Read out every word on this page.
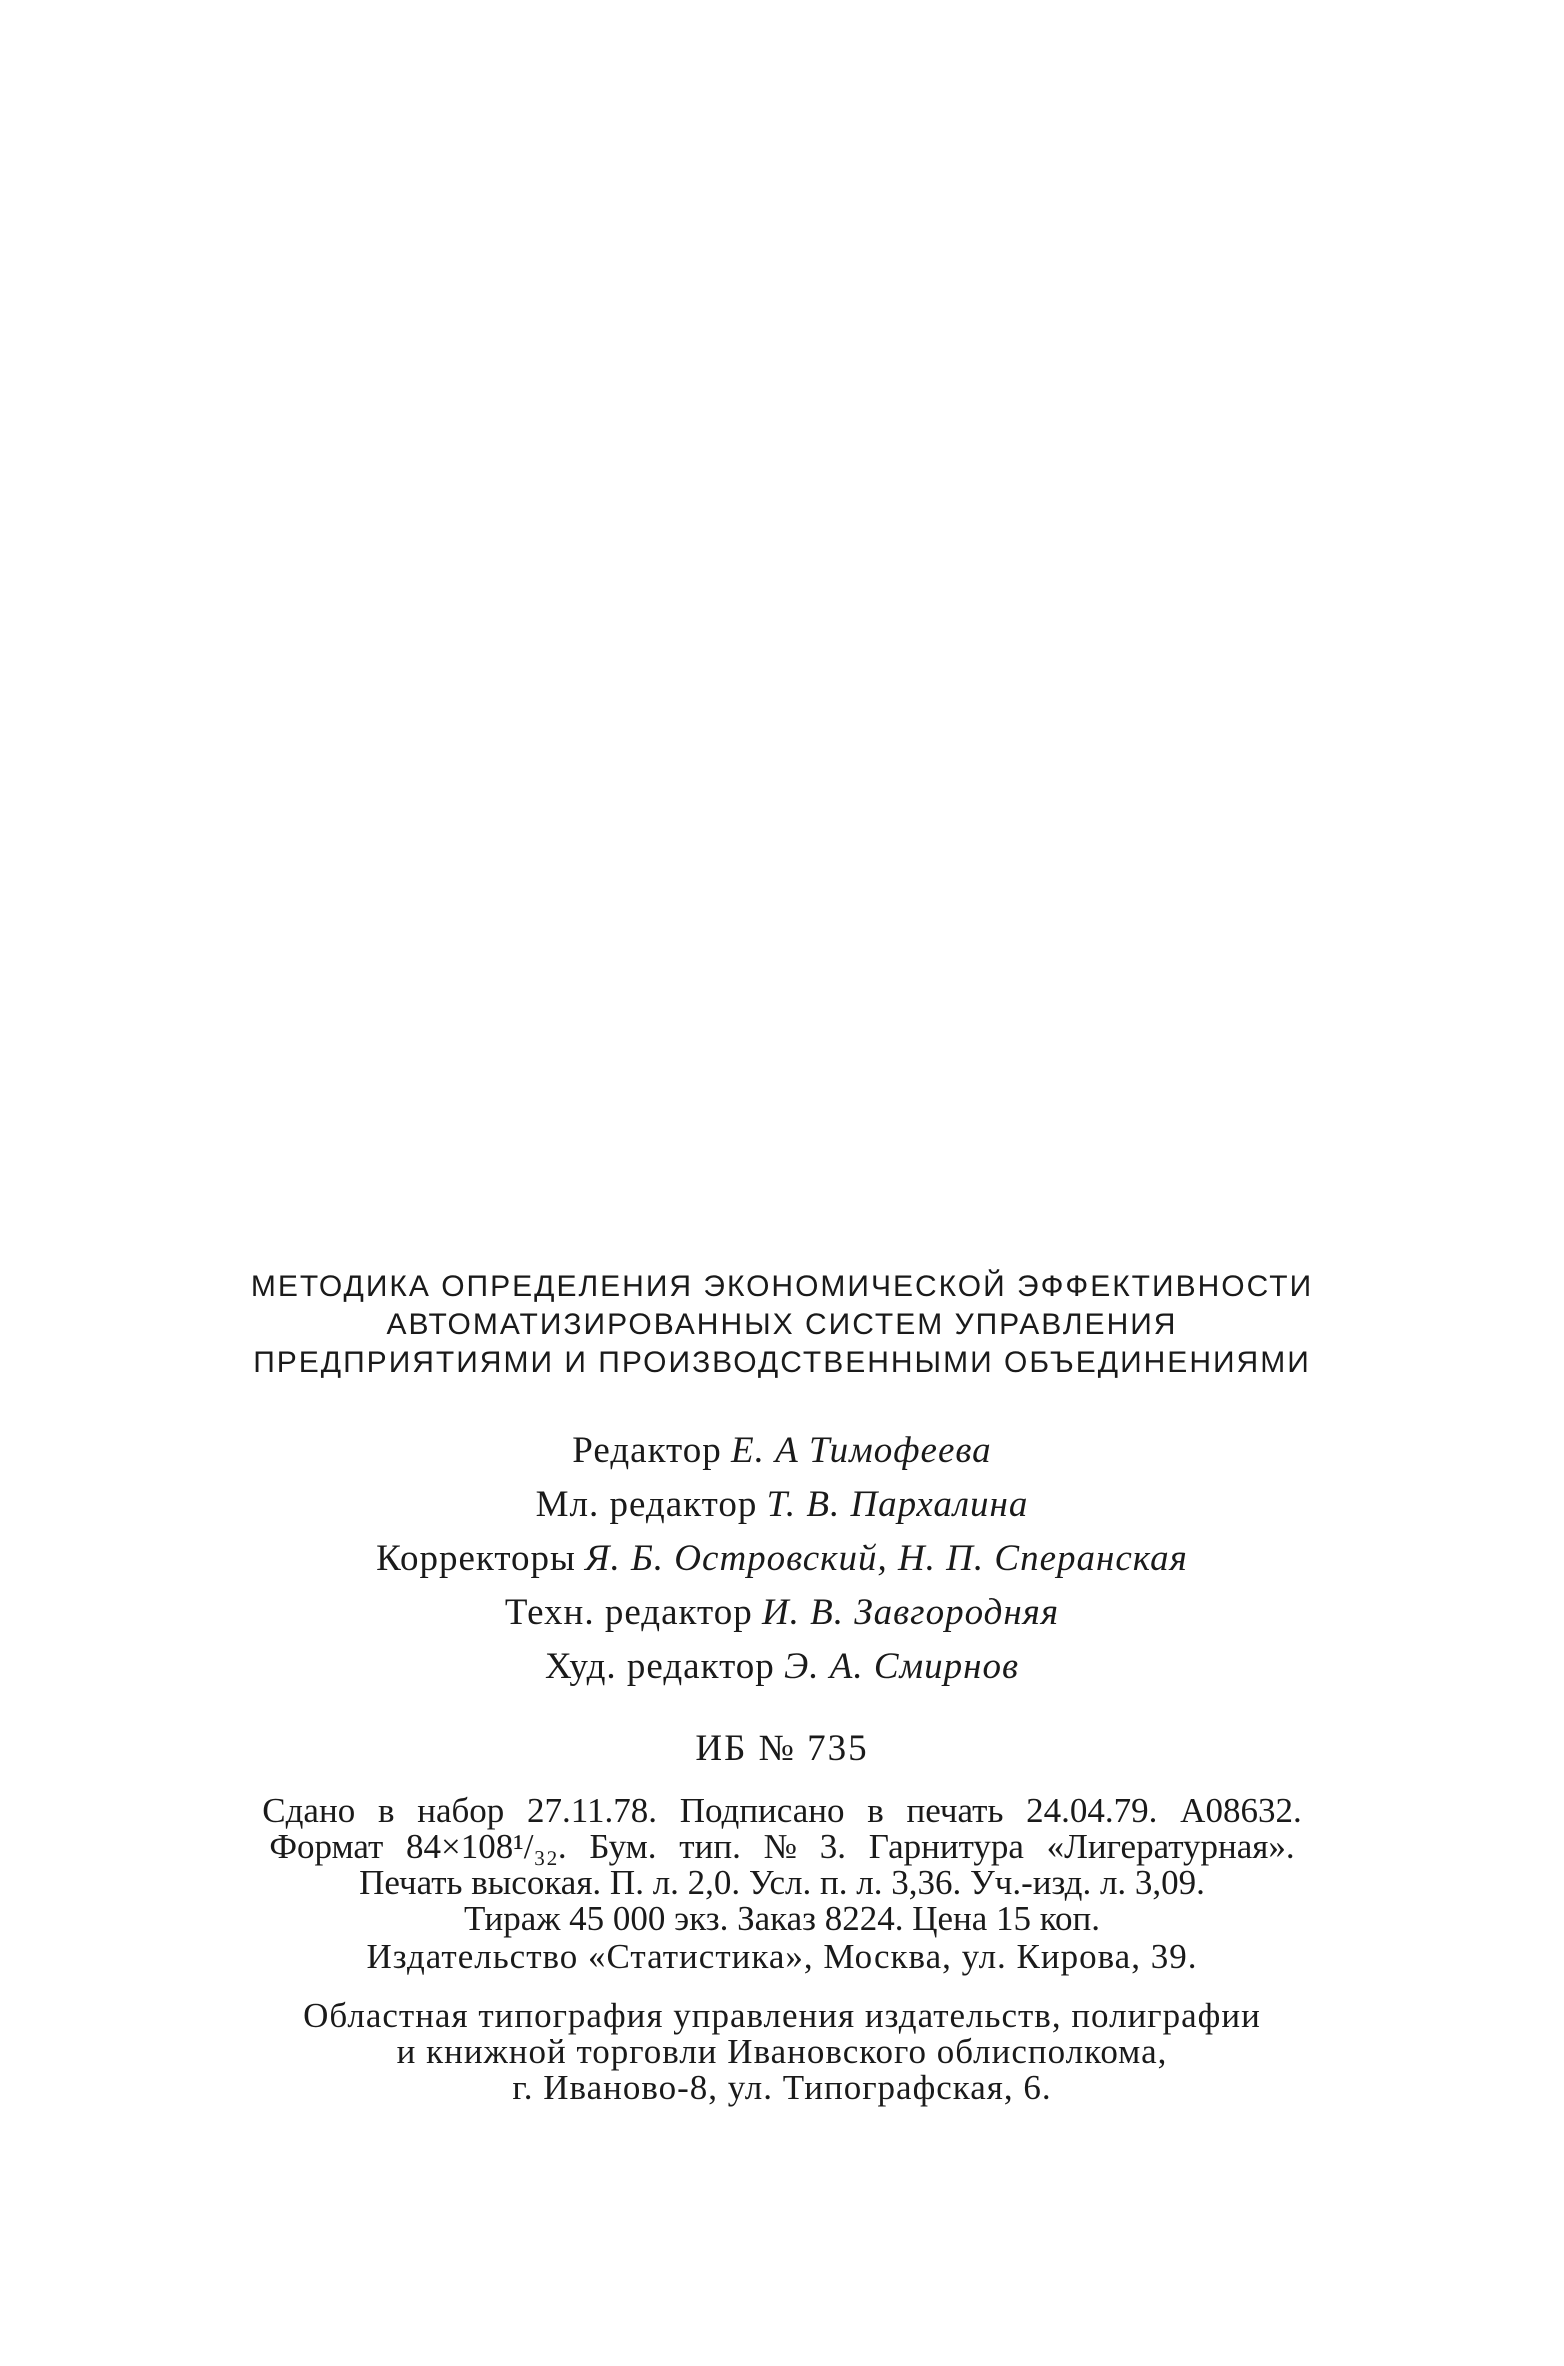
МЕТОДИКА ОПРЕДЕЛЕНИЯ ЭКОНОМИЧЕСКОЙ ЭФФЕКТИВНОСТИ
АВТОМАТИЗИРОВАННЫХ СИСТЕМ УПРАВЛЕНИЯ
ПРЕДПРИЯТИЯМИ И ПРОИЗВОДСТВЕННЫМИ ОБЪЕДИНЕНИЯМИ
Редактор Е. А Тимофеева
Мл. редактор Т. В. Пархалина
Корректоры Я. Б. Островский, Н. П. Сперанская
Техн. редактор И. В. Завгородняя
Худ. редактор Э. А. Смирнов
ИБ № 735
Сдано в набор 27.11.78. Подписано в печать 24.04.79. А08632.
Формат 84×108¹/₃₂. Бум. тип. № 3. Гарнитура «Лигературная».
Печать высокая. П. л. 2,0. Усл. п. л. 3,36. Уч.-изд. л. 3,09.
Тираж 45 000 экз. Заказ 8224. Цена 15 коп.
Издательство «Статистика», Москва, ул. Кирова, 39.
Областная типография управления издательств, полиграфии
и книжной торговли Ивановского облисполкома,
г. Иваново-8, ул. Типографская, 6.
